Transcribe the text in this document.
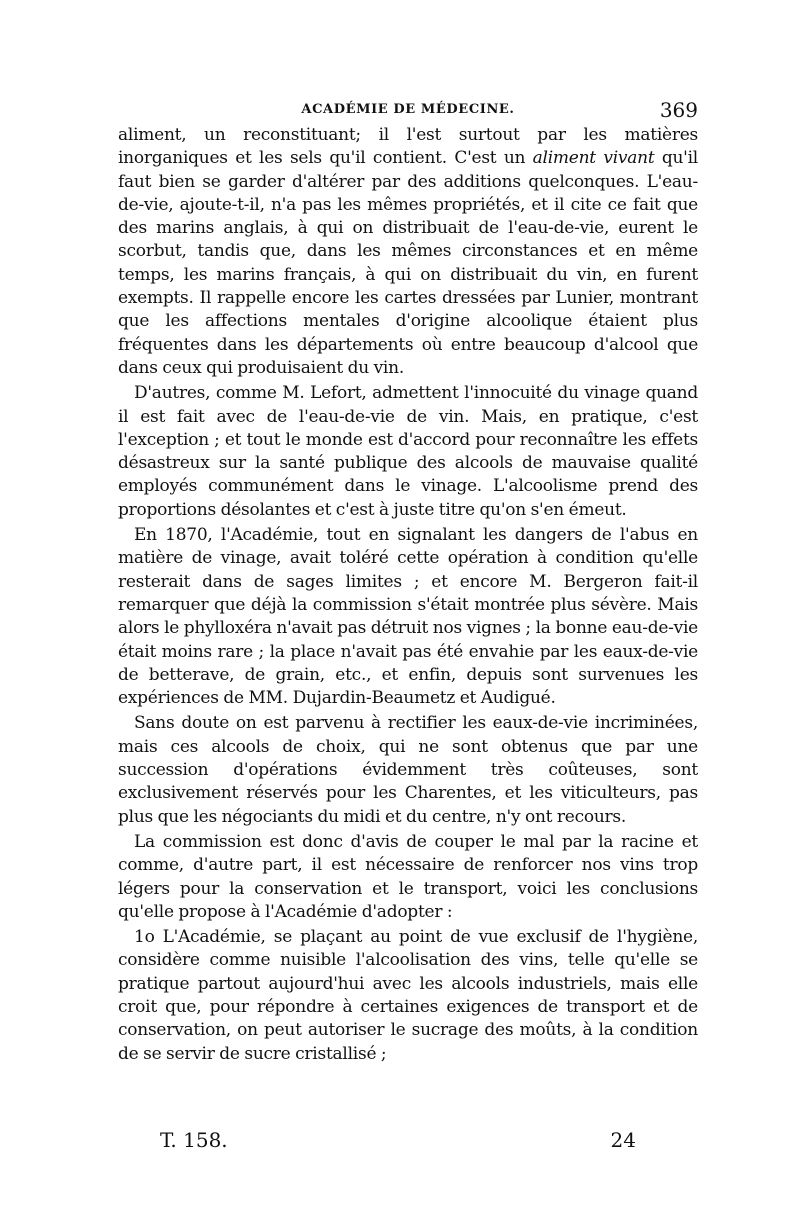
ACADÉMIE DE MÉDECINE.	369

aliment, un reconstituant; il l'est surtout par les matières inorganiques et les sels qu'il contient. C'est un aliment vivant qu'il faut bien se garder d'altérer par des additions quelconques. L'eau-de-vie, ajoute-t-il, n'a pas les mêmes propriétés, et il cite ce fait que des marins anglais, à qui on distribuait de l'eau-de-vie, eurent le scorbut, tandis que, dans les mêmes circonstances et en même temps, les marins français, à qui on distribuait du vin, en furent exempts. Il rappelle encore les cartes dressées par Lunier, montrant que les affections mentales d'origine alcoolique étaient plus fréquentes dans les départements où entre beaucoup d'alcool que dans ceux qui produisaient du vin.

D'autres, comme M. Lefort, admettent l'innocuité du vinage quand il est fait avec de l'eau-de-vie de vin. Mais, en pratique, c'est l'exception ; et tout le monde est d'accord pour reconnaître les effets désastreux sur la santé publique des alcools de mauvaise qualité employés communément dans le vinage. L'alcoolisme prend des proportions désolantes et c'est à juste titre qu'on s'en émeut.

En 1870, l'Académie, tout en signalant les dangers de l'abus en matière de vinage, avait toléré cette opération à condition qu'elle resterait dans de sages limites ; et encore M. Bergeron fait-il remarquer que déjà la commission s'était montrée plus sévère. Mais alors le phylloxéra n'avait pas détruit nos vignes ; la bonne eau-de-vie était moins rare ; la place n'avait pas été envahie par les eaux-de-vie de betterave, de grain, etc., et enfin, depuis sont survenues les expériences de MM. Dujardin-Beaumetz et Audigué.

Sans doute on est parvenu à rectifier les eaux-de-vie incriminées, mais ces alcools de choix, qui ne sont obtenus que par une succession d'opérations évidemment très coûteuses, sont exclusivement réservés pour les Charentes, et les viticulteurs, pas plus que les négociants du midi et du centre, n'y ont recours.

La commission est donc d'avis de couper le mal par la racine et comme, d'autre part, il est nécessaire de renforcer nos vins trop légers pour la conservation et le transport, voici les conclusions qu'elle propose à l'Académie d'adopter :

1o L'Académie, se plaçant au point de vue exclusif de l'hygiène, considère comme nuisible l'alcoolisation des vins, telle qu'elle se pratique partout aujourd'hui avec les alcools industriels, mais elle croit que, pour répondre à certaines exigences de transport et de conservation, on peut autoriser le sucrage des moûts, à la condition de se servir de sucre cristallisé ;

T. 158.	24
